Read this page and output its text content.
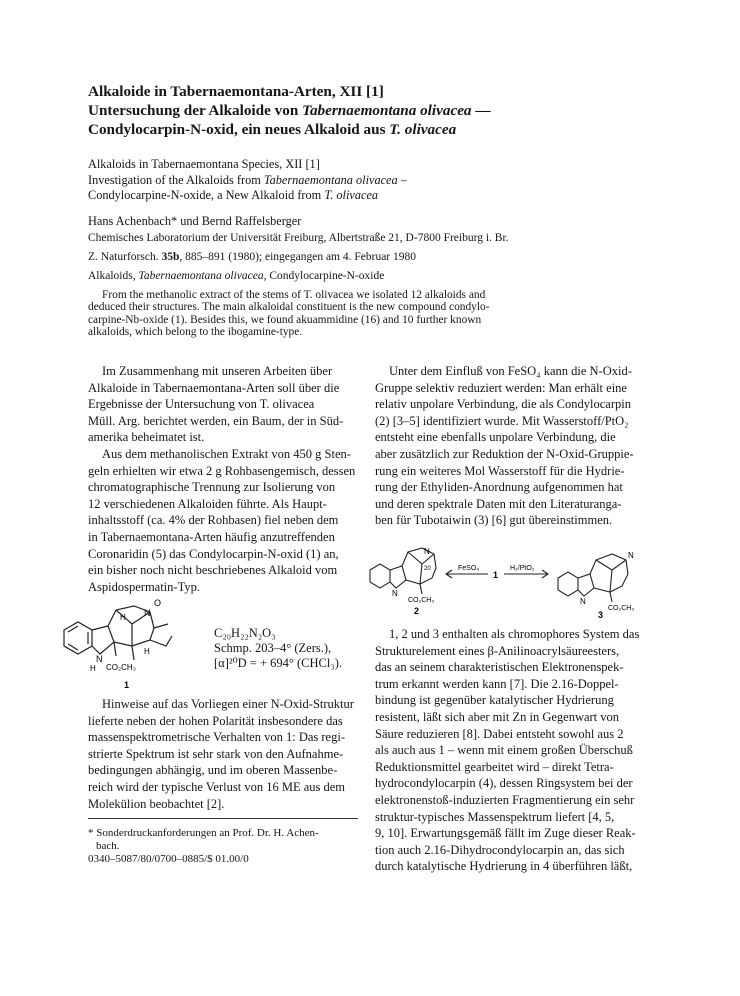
Alkaloide in Tabernaemontana-Arten, XII [1]
Untersuchung der Alkaloide von Tabernaemontana olivacea —
Condylocarpin-N-oxid, ein neues Alkaloid aus T. olivacea
Alkaloids in Tabernaemontana Species, XII [1]
Investigation of the Alkaloids from Tabernaemontana olivacea –
Condylocarpine-N-oxide, a New Alkaloid from T. olivacea
Hans Achenbach* und Bernd Raffelsberger
Chemisches Laboratorium der Universität Freiburg, Albertstraße 21, D-7800 Freiburg i. Br.
Z. Naturforsch. 35b, 885–891 (1980); eingegangen am 4. Februar 1980
Alkaloids, Tabernaemontana olivacea, Condylocarpine-N-oxide
From the methanolic extract of the stems of T. olivacea we isolated 12 alkaloids and
deduced their structures. The main alkaloidal constituent is the new compound condylo-
carpine-Nb-oxide (1). Besides this, we found akuammidine (16) and 10 further known
alkaloids, which belong to the ibogamine-type.
Im Zusammenhang mit unseren Arbeiten über
Alkaloide in Tabernaemontana-Arten soll über die
Ergebnisse der Untersuchung von T. olivacea
Müll. Arg. berichtet werden, ein Baum, der in Süd-
amerika beheimatet ist.
Aus dem methanolischen Extrakt von 450 g Sten-
geln erhielten wir etwa 2 g Rohbasengemisch, dessen
chromatographische Trennung zur Isolierung von
12 verschiedenen Alkaloiden führte. Als Haupt-
inhaltsstoff (ca. 4% der Rohbasen) fiel neben dem
in Tabernaemontana-Arten häufig anzutreffenden
Coronaridin (5) das Condylocarpin-N-oxid (1) an,
ein bisher noch nicht beschriebenes Alkaloid vom
Aspidospermatin-Typ.
N
O
N
H
H
H
CO₂CH₃
1
C₂₀H₂₂N₂O₃
Schmp. 203–4° (Zers.),
[α]²⁰D = + 694° (CHCl₃).
Hinweise auf das Vorliegen einer N-Oxid-Struktur
lieferte neben der hohen Polarität insbesondere das
massenspektrometrische Verhalten von 1: Das regi-
strierte Spektrum ist sehr stark von den Aufnahme-
bedingungen abhängig, und im oberen Massenbe-
reich wird der typische Verlust von 16 ME aus dem
Molekülion beobachtet [2].
* Sonderdruckanforderungen an Prof. Dr. H. Achen-
bach.
0340–5087/80/0700–0885/$ 01.00/0
Unter dem Einfluß von FeSO₄ kann die N-Oxid-
Gruppe selektiv reduziert werden: Man erhält eine
relativ unpolare Verbindung, die als Condylocarpin
(2) [3–5] identifiziert wurde. Mit Wasserstoff/PtO₂
entsteht eine ebenfalls unpolare Verbindung, die
aber zusätzlich zur Reduktion der N-Oxid-Gruppie-
rung ein weiteres Mol Wasserstoff für die Hydrie-
rung der Ethyliden-Anordnung aufgenommen hat
und deren spektrale Daten mit den Literaturanga-
ben für Tubotaiwin (3) [6] gut übereinstimmen.
N
N
20
CO₂CH₃
2
FeSO₄
1
H₂/PtO₂
N
N
CO₂CH₃
3
1, 2 und 3 enthalten als chromophores System das
Strukturelement eines β-Anilinoacrylsäureesters,
das an seinem charakteristischen Elektronenspek-
trum erkannt werden kann [7]. Die 2.16-Doppel-
bindung ist gegenüber katalytischer Hydrierung
resistent, läßt sich aber mit Zn in Gegenwart von
Säure reduzieren [8]. Dabei entsteht sowohl aus 2
als auch aus 1 – wenn mit einem großen Überschuß
Reduktionsmittel gearbeitet wird – direkt Tetra-
hydrocondylocarpin (4), dessen Ringsystem bei der
elektronenstoß-induzierten Fragmentierung ein sehr
struktur-typisches Massenspektrum liefert [4, 5,
9, 10]. Erwartungsgemäß fällt im Zuge dieser Reak-
tion auch 2.16-Dihydrocondylocarpin an, das sich
durch katalytische Hydrierung in 4 überführen läßt,
